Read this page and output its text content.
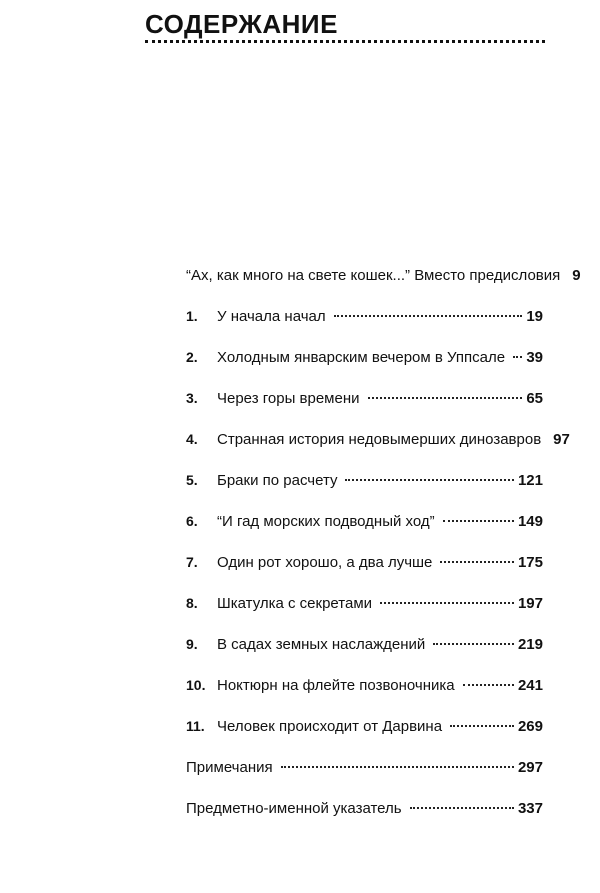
СОДЕРЖАНИЕ
“Ах, как много на свете кошек...” Вместо предисловия 9
1.	У начала начал	19
2.	Холодным январским вечером в Уппсале 39
3.	Через горы времени	65
4.	Странная история недовымерших динозавров 97
5.	Браки по расчету	121
6.	“И гад морских подводный ход”	149
7.	Один рот хорошо, а два лучше	175
8.	Шкатулка с секретами	197
9.	В садах земных наслаждений	219
10. Ноктюрн на флейте позвоночника	241
11. Человек происходит от Дарвина	269
Примечания	297
Предметно-именной указатель	337
